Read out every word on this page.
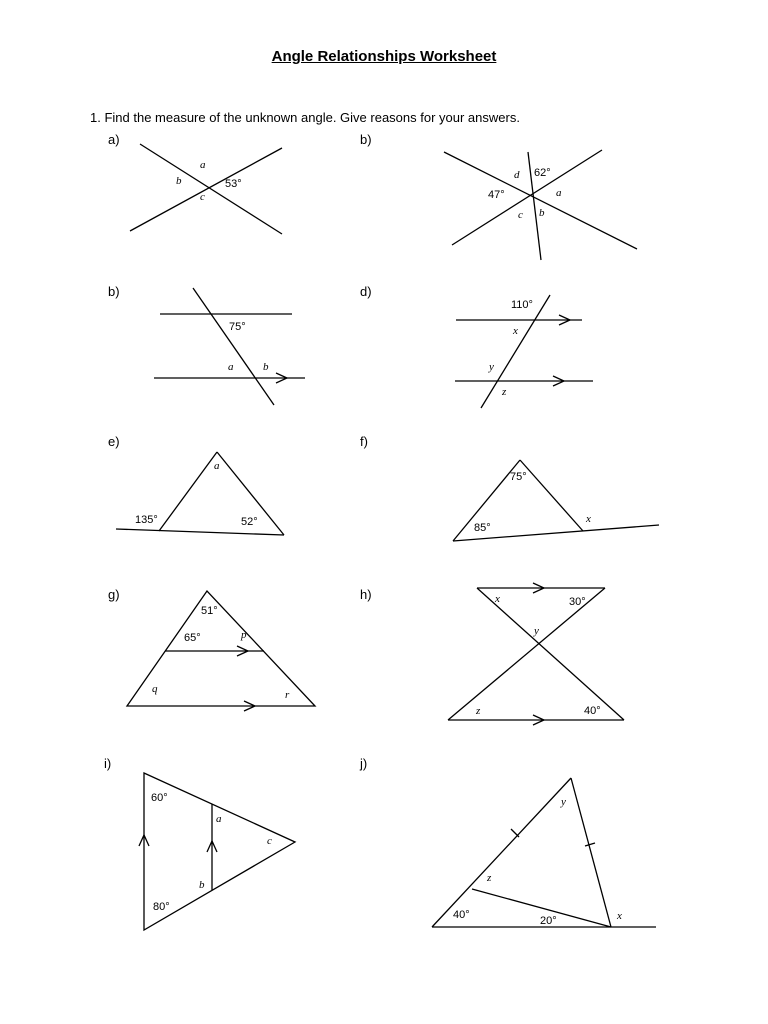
Angle Relationships Worksheet
1. Find the measure of the unknown angle. Give reasons for your answers.
a)	b)
b)	d)
e)	f)
g)	h)
i)	j)
a
b
c
53°
d 62°
47°	a
c b
75°
a	b
110°
x
y
z
a
135°	52°
75°
85°
x
51°
65°	p
q	r
x	30°
y
z	40°
60°
a
c
b
80°
y
z
40°	20°	x
